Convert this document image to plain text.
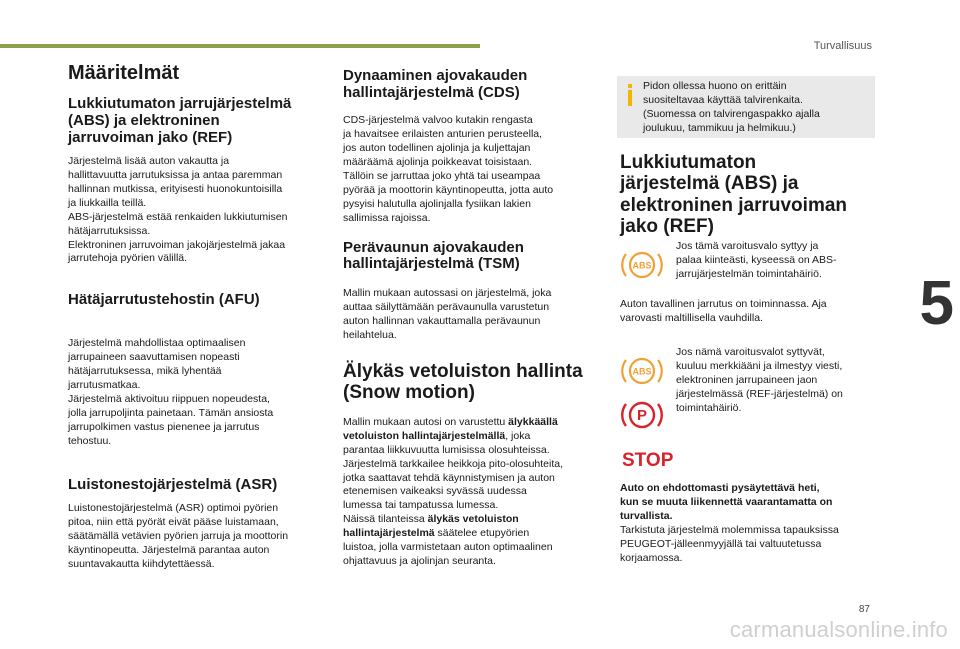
Turvallisuus
Määritelmät
Lukkiutumaton jarrujärjestelmä
(ABS) ja elektroninen
jarruvoiman jako (REF)
Järjestelmä lisää auton vakautta ja
hallittavuutta jarrutuksissa ja antaa paremman
hallinnan mutkissa, erityisesti huonokuntoisilla
ja liukkailla teillä.
ABS-järjestelmä estää renkaiden lukkiutumisen
hätäjarrutuksissa.
Elektroninen jarruvoiman jakojärjestelmä jakaa
jarrutehoja pyörien välillä.
Hätäjarrutustehostin (AFU)
Järjestelmä mahdollistaa optimaalisen
jarrupaineen saavuttamisen nopeasti
hätäjarrutuksessa, mikä lyhentää
jarrutusmatkaa.
Järjestelmä aktivoituu riippuen nopeudesta,
jolla jarrupoljinta painetaan. Tämän ansiosta
jarrupolkimen vastus pienenee ja jarrutus
tehostuu.
Luistonestojärjestelmä (ASR)
Luistonestojärjestelmä (ASR) optimoi pyörien
pitoa, niin että pyörät eivät pääse luistamaan,
säätämällä vetävien pyörien jarruja ja moottorin
käyntinopeutta. Järjestelmä parantaa auton
suuntavakautta kiihdytettäessä.
Dynaaminen ajovakauden
hallintajärjestelmä (CDS)
CDS-järjestelmä valvoo kutakin rengasta
ja havaitsee erilaisten anturien perusteella,
jos auton todellinen ajolinja ja kuljettajan
määräämä ajolinja poikkeavat toisistaan.
Tällöin se jarruttaa joko yhtä tai useampaa
pyörää ja moottorin käyntinopeutta, jotta auto
pysyisi halutulla ajolinjalla fysiikan lakien
sallimissa rajoissa.
Perävaunun ajovakauden
hallintajärjestelmä (TSM)
Mallin mukaan autossasi on järjestelmä, joka
auttaa säilyttämään perävaunulla varustetun
auton hallinnan vakauttamalla perävaunun
heilahtelua.
Älykäs vetoluiston hallinta
(Snow motion)
Mallin mukaan autosi on varustettu älykkäällä
vetoluiston hallintajärjestelmällä, joka
parantaa liikkuvuutta lumisissa olosuhteissa.
Järjestelmä tarkkailee heikkoja pito-olosuhteita,
jotka saattavat tehdä käynnistymisen ja auton
etenemisen vaikeaksi syvässä uudessa
lumessa tai tampatussa lumessa.
Näissä tilanteissa älykäs vetoluiston
hallintajärjestelmä säätelee etupyörien
luistoa, jolla varmistetaan auton optimaalinen
ohjattavuus ja ajolinjan seuranta.
Pidon ollessa huono on erittäin
suositeltavaa käyttää talvirenkaita.
(Suomessa on talvirengaspakko ajalla
joulukuu, tammikuu ja helmikuu.)
Lukkiutumaton
järjestelmä (ABS) ja
elektroninen jarruvoiman
jako (REF)
ABS
Jos tämä varoitusvalo syttyy ja
palaa kiinteästi, kyseessä on ABS-
jarrujärjestelmän toimintahäiriö.
Auton tavallinen jarrutus on toiminnassa. Aja
varovasti maltillisella vauhdilla.
ABS
P
STOP
Jos nämä varoitusvalot syttyvät,
kuuluu merkkiääni ja ilmestyy viesti,
elektroninen jarrupaineen jaon
järjestelmässä (REF-järjestelmä) on
toimintahäiriö.
Auto on ehdottomasti pysäytettävä heti,
kun se muuta liikennettä vaarantamatta on
turvallista.
Tarkistuta järjestelmä molemmissa tapauksissa
PEUGEOT-jälleenmyyjällä tai valtuutetussa
korjaamossa.
5
87
carmanualsonline.info
